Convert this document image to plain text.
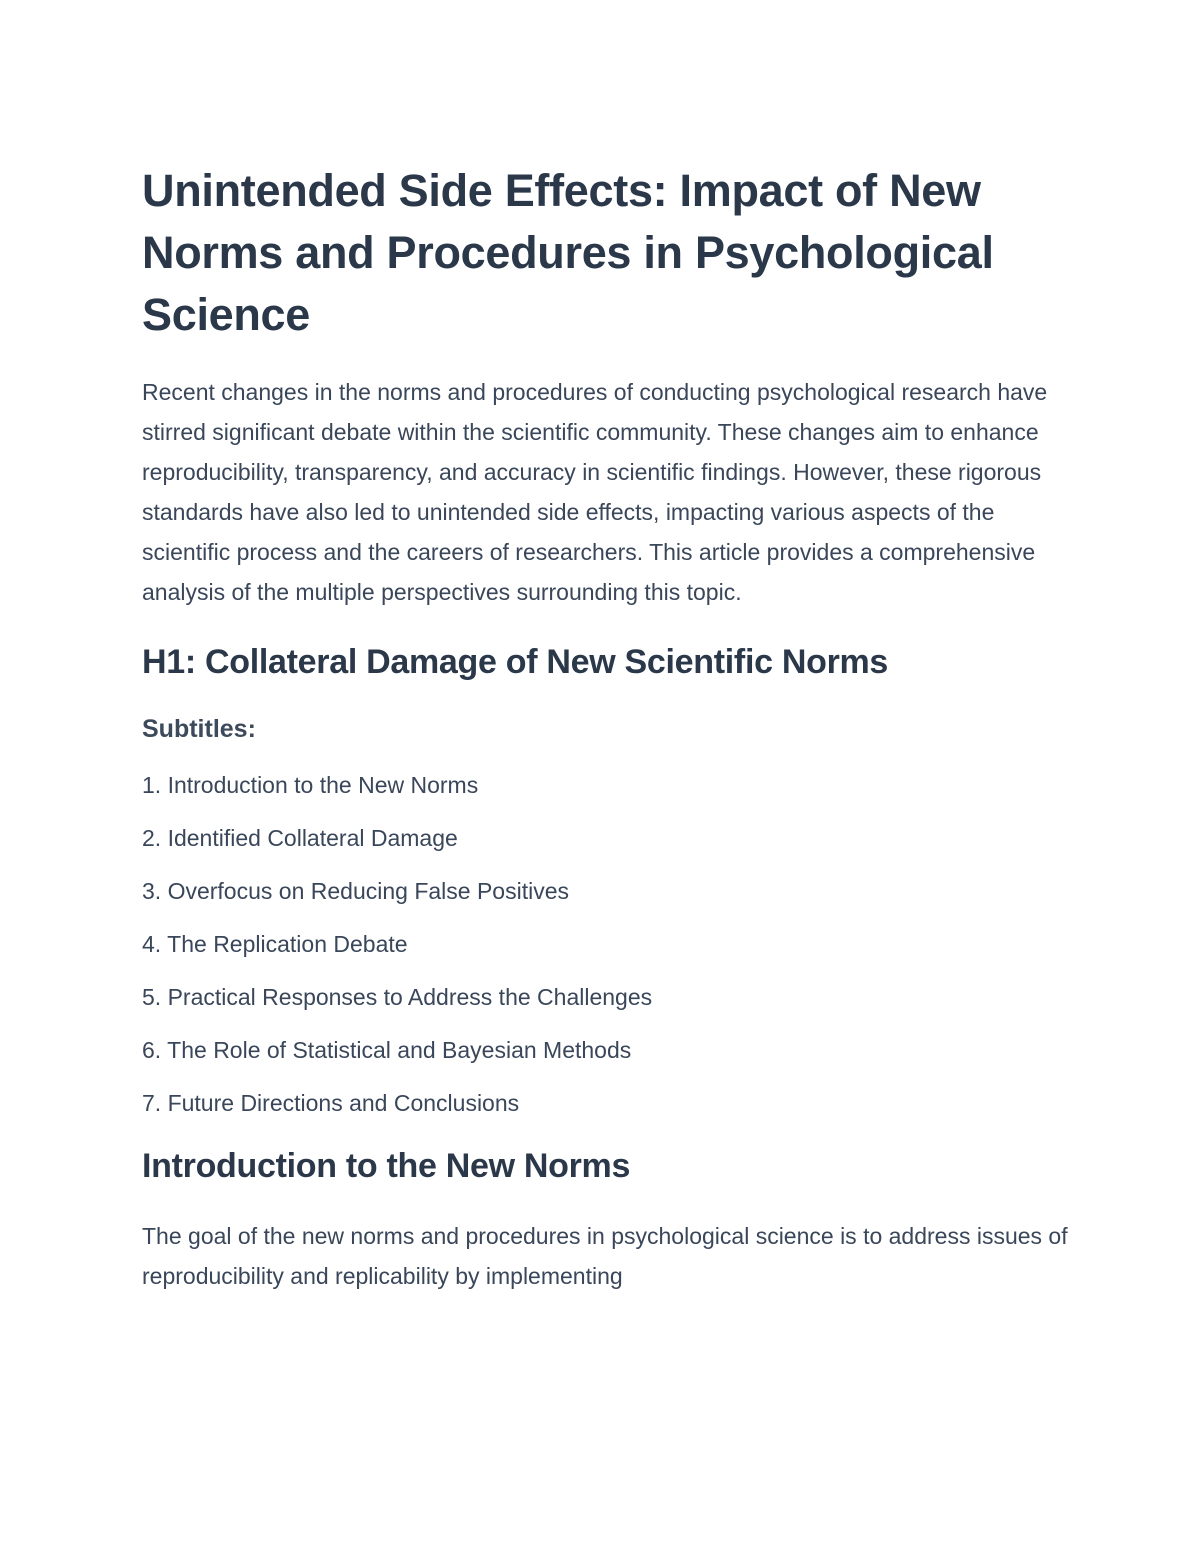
Unintended Side Effects: Impact of New Norms and Procedures in Psychological Science

Recent changes in the norms and procedures of conducting psychological research have stirred significant debate within the scientific community. These changes aim to enhance reproducibility, transparency, and accuracy in scientific findings. However, these rigorous standards have also led to unintended side effects, impacting various aspects of the scientific process and the careers of researchers. This article provides a comprehensive analysis of the multiple perspectives surrounding this topic.

H1: Collateral Damage of New Scientific Norms
Subtitles:
1. Introduction to the New Norms
2. Identified Collateral Damage
3. Overfocus on Reducing False Positives
4. The Replication Debate
5. Practical Responses to Address the Challenges
6. The Role of Statistical and Bayesian Methods
7. Future Directions and Conclusions
Introduction to the New Norms

The goal of the new norms and procedures in psychological science is to address issues of reproducibility and replicability by implementing
